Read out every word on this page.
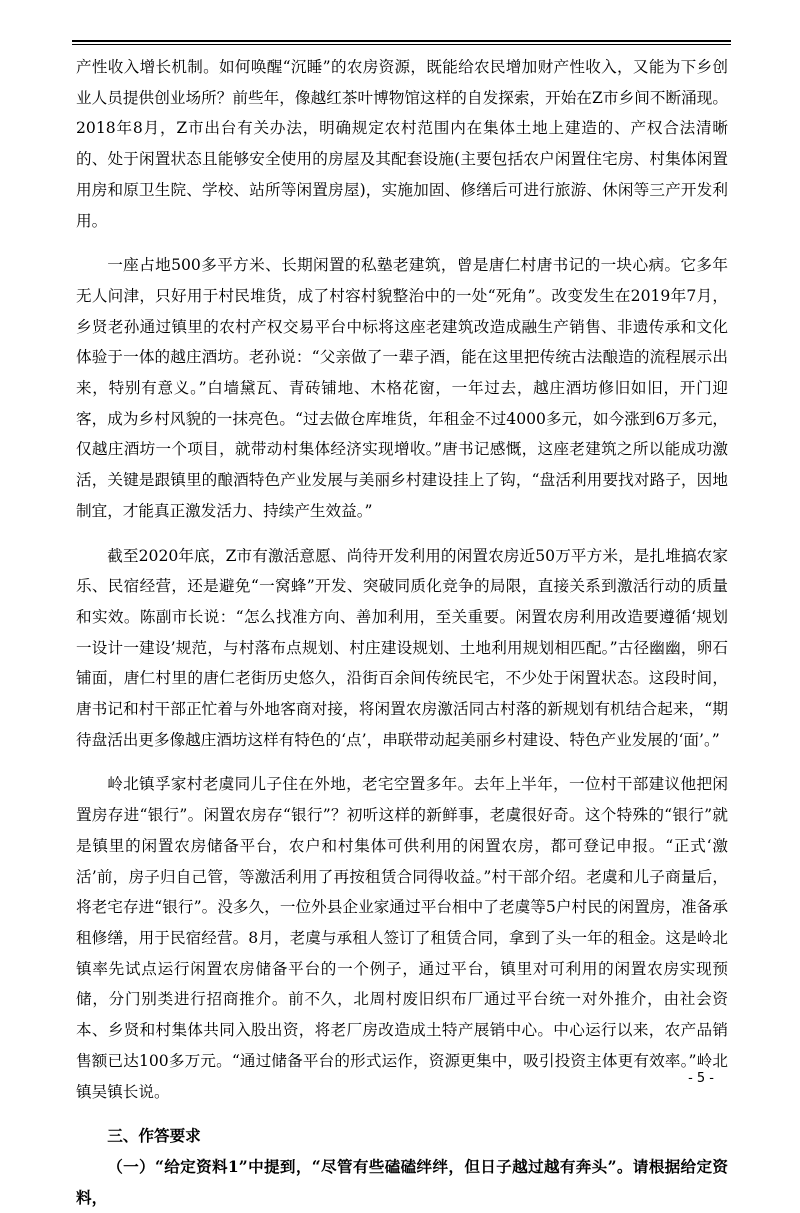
产性收入增长机制。如何唤醒“沉睡”的农房资源，既能给农民增加财产性收入，又能为下乡创业人员提供创业场所？前些年，像越红茶叶博物馆这样的自发探索，开始在Z市乡间不断涌现。2018年8月，Z市出台有关办法，明确规定农村范围内在集体土地上建造的、产权合法清晰的、处于闲置状态且能够安全使用的房屋及其配套设施(主要包括农户闲置住宅房、村集体闲置用房和原卫生院、学校、站所等闲置房屋)，实施加固、修缮后可进行旅游、休闲等三产开发利用。

一座占地500多平方米、长期闲置的私塾老建筑，曾是唐仁村唐书记的一块心病。它多年无人问津，只好用于村民堆货，成了村容村貌整治中的一处“死角”。改变发生在2019年7月，乡贤老孙通过镇里的农村产权交易平台中标将这座老建筑改造成融生产销售、非遗传承和文化体验于一体的越庄酒坊。老孙说：“父亲做了一辈子酒，能在这里把传统古法酿造的流程展示出来，特别有意义。”白墙黛瓦、青砖铺地、木格花窗，一年过去，越庄酒坊修旧如旧，开门迎客，成为乡村风貌的一抹亮色。“过去做仓库堆货，年租金不过4000多元，如今涨到6万多元，仅越庄酒坊一个项目，就带动村集体经济实现增收。”唐书记感慨，这座老建筑之所以能成功激活，关键是跟镇里的酿酒特色产业发展与美丽乡村建设挂上了钩，“盘活利用要找对路子，因地制宜，才能真正激发活力、持续产生效益。”

截至2020年底，Z市有激活意愿、尚待开发利用的闲置农房近50万平方米，是扎堆搞农家乐、民宿经营，还是避免“一窝蜂”开发、突破同质化竞争的局限，直接关系到激活行动的质量和实效。陈副市长说：“怎么找准方向、善加利用，至关重要。闲置农房利用改造要遵循‘规划一设计一建设’规范，与村落布点规划、村庄建设规划、土地利用规划相匹配。”古径幽幽，卵石铺面，唐仁村里的唐仁老街历史悠久，沿街百余间传统民宅，不少处于闲置状态。这段时间，唐书记和村干部正忙着与外地客商对接，将闲置农房激活同古村落的新规划有机结合起来，“期待盘活出更多像越庄酒坊这样有特色的‘点’，串联带动起美丽乡村建设、特色产业发展的‘面’。”

岭北镇孚家村老虞同儿子住在外地，老宅空置多年。去年上半年，一位村干部建议他把闲置房存进“银行”。闲置农房存“银行”？初听这样的新鲜事，老虞很好奇。这个特殊的“银行”就是镇里的闲置农房储备平台，农户和村集体可供利用的闲置农房，都可登记申报。“正式‘激活’前，房子归自己管，等激活利用了再按租赁合同得收益。”村干部介绍。老虞和儿子商量后，将老宅存进“银行”。没多久，一位外县企业家通过平台相中了老虞等5户村民的闲置房，准备承租修缮，用于民宿经营。8月，老虞与承租人签订了租赁合同，拿到了头一年的租金。这是岭北镇率先试点运行闲置农房储备平台的一个例子，通过平台，镇里对可利用的闲置农房实现预储，分门别类进行招商推介。前不久，北周村废旧织布厂通过平台统一对外推介，由社会资本、乡贤和村集体共同入股出资，将老厂房改造成土特产展销中心。中心运行以来，农产品销售额已达100多万元。“通过储备平台的形式运作，资源更集中，吸引投资主体更有效率。”岭北镇吴镇长说。

三、作答要求

（一）“给定资料1”中提到，“尽管有些磕磕绊绊，但日子越过越有奔头”。请根据给定资料，

- 5 -
